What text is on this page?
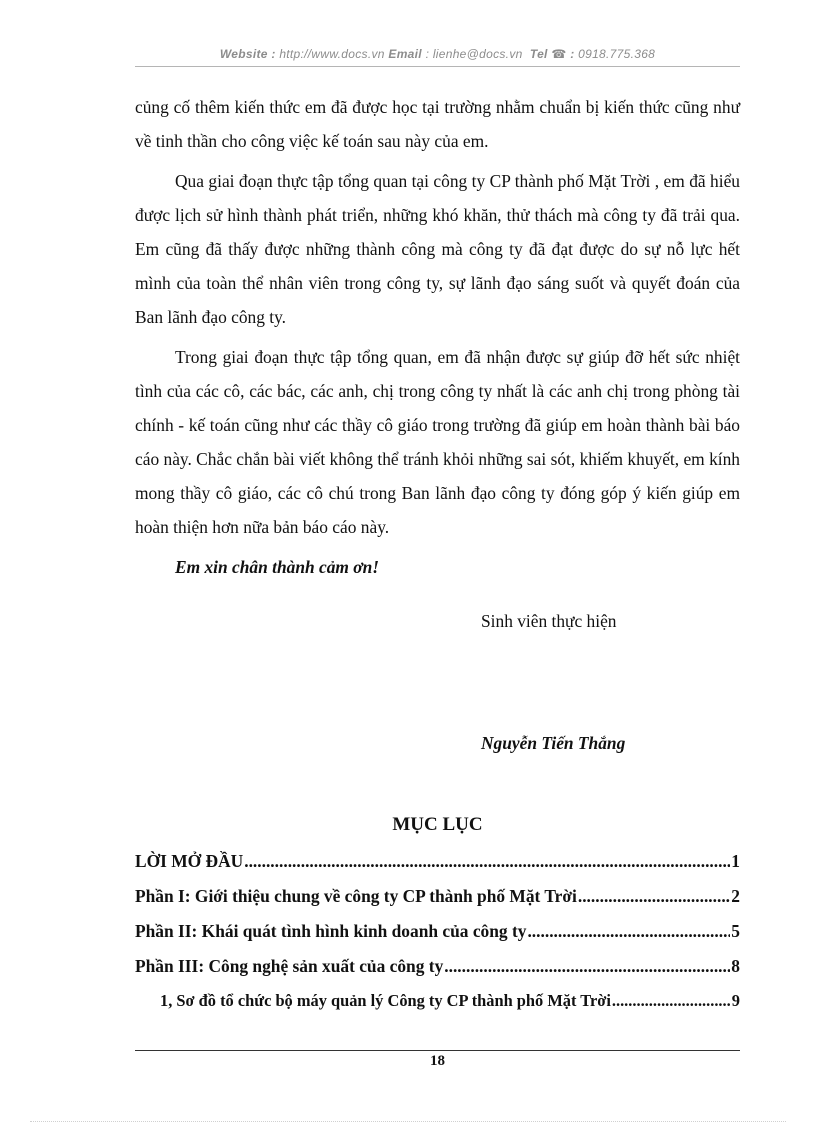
Website : http://www.docs.vn Email : lienhe@docs.vn Tel ☎ : 0918.775.368

củng cố thêm kiến thức em đã được học tại trường nhằm chuẩn bị kiến thức cũng như về tinh thần cho công việc kế toán sau này của em.

Qua giai đoạn thực tập tổng quan tại công ty CP thành phố Mặt Trời , em đã hiểu được lịch sử hình thành phát triển, những khó khăn, thử thách mà công ty đã trải qua. Em cũng đã thấy được những thành công mà công ty đã đạt được do sự nỗ lực hết mình của toàn thể nhân viên trong công ty, sự lãnh đạo sáng suốt và quyết đoán của Ban lãnh đạo công ty.

Trong giai đoạn thực tập tổng quan, em đã nhận được sự giúp đỡ hết sức nhiệt tình của các cô, các bác, các anh, chị trong công ty nhất là các anh chị trong phòng tài chính - kế toán cũng như các thầy cô giáo trong trường đã giúp em hoàn thành bài báo cáo này. Chắc chắn bài viết không thể tránh khỏi những sai sót, khiếm khuyết, em kính mong thầy cô giáo, các cô chú trong Ban lãnh đạo công ty đóng góp ý kiến giúp em hoàn thiện hơn nữa bản báo cáo này.

Em xin chân thành cảm ơn!

Sinh viên thực hiện
Nguyễn Tiến Thắng
MỤC LỤC
LỜI MỞ ĐẦU .....	1
Phần I: Giới thiệu chung về công ty CP thành phố Mặt Trời .....	2
Phần II: Khái quát tình hình kinh doanh của công ty .....	5
Phần III: Công nghệ sản xuất của công ty .....	8
1, Sơ đồ tổ chức bộ máy quản lý Công ty CP thành phố Mặt Trời .....	9
18
